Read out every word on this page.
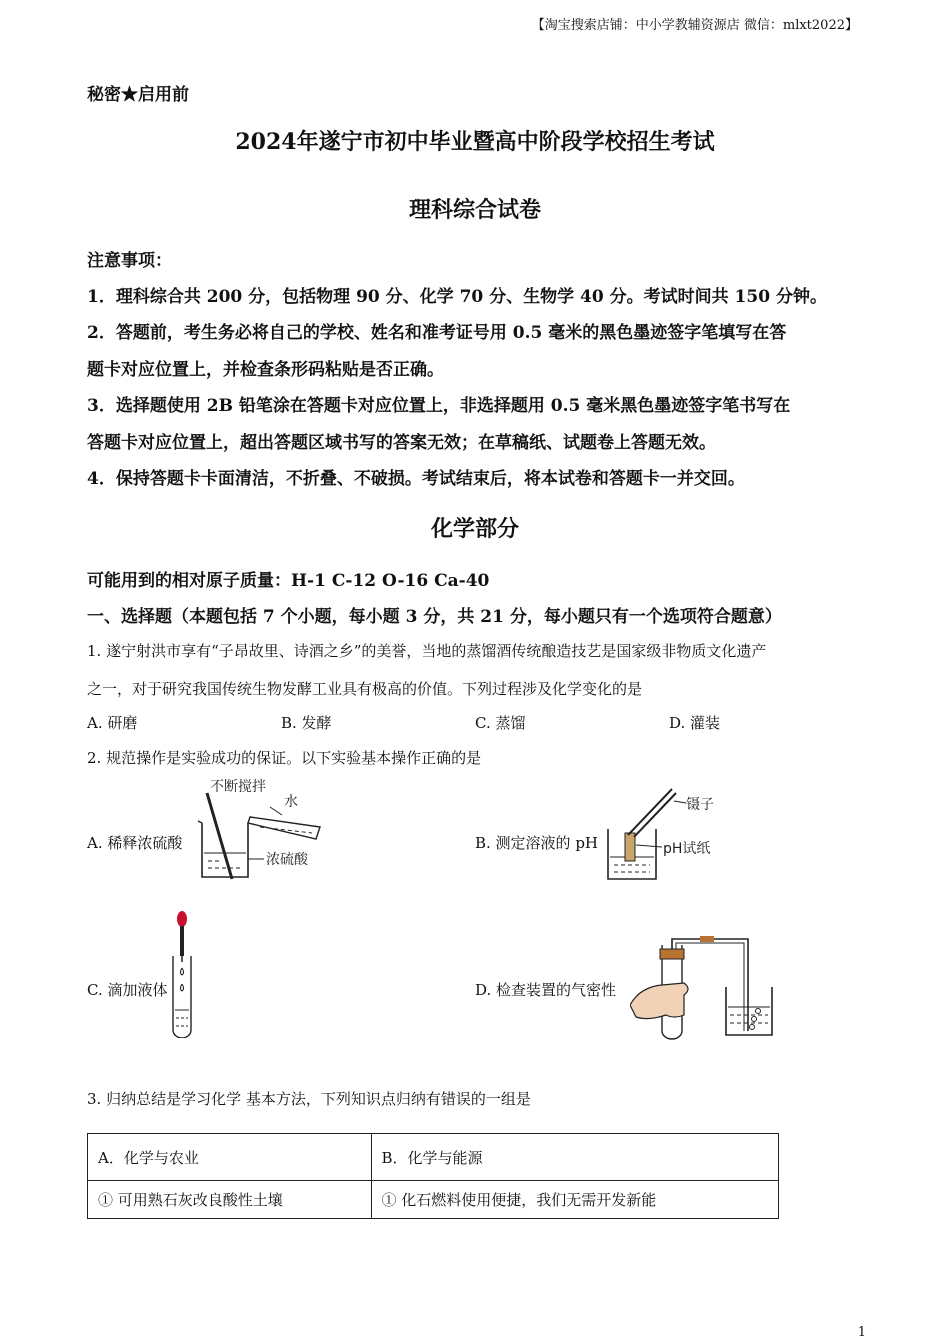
【淘宝搜索店铺：中小学教辅资源店 微信：mlxt2022】
秘密★启用前
2024年遂宁市初中毕业暨高中阶段学校招生考试
理科综合试卷
注意事项：
1．理科综合共 200 分，包括物理 90 分、化学 70 分、生物学 40 分。考试时间共 150 分钟。
2．答题前，考生务必将自己的学校、姓名和准考证号用 0.5 毫米的黑色墨迹签字笔填写在答
题卡对应位置上，并检查条形码粘贴是否正确。
3．选择题使用 2B 铅笔涂在答题卡对应位置上，非选择题用 0.5 毫米黑色墨迹签字笔书写在
答题卡对应位置上，超出答题区域书写的答案无效；在草稿纸、试题卷上答题无效。
4．保持答题卡卡面清洁，不折叠、不破损。考试结束后，将本试卷和答题卡一并交回。
化学部分
可能用到的相对原子质量：H-1 C-12 O-16 Ca-40
一、选择题（本题包括 7 个小题，每小题 3 分，共 21 分，每小题只有一个选项符合题意）
1. 遂宁射洪市享有“子昂故里、诗酒之乡”的美誉，当地的蒸馏酒传统酿造技艺是国家级非物质文化遗产
之一，对于研究我国传统生物发酵工业具有极高的价值。下列过程涉及化学变化的是
A. 研磨	B. 发酵	C. 蒸馏	D. 灌装
2. 规范操作是实验成功的保证。以下实验基本操作正确的是
A. 稀释浓硫酸	B. 测定溶液的 pH
C. 滴加液体	D. 检查装置的气密性
不断搅拌
水
浓硫酸
镊子
pH试纸
3. 归纳总结是学习化学 基本方法，下列知识点归纳有错误的一组是
A．化学与农业	B．化学与能源
① 可用熟石灰改良酸性土壤	① 化石燃料使用便捷，我们无需开发新能
1
